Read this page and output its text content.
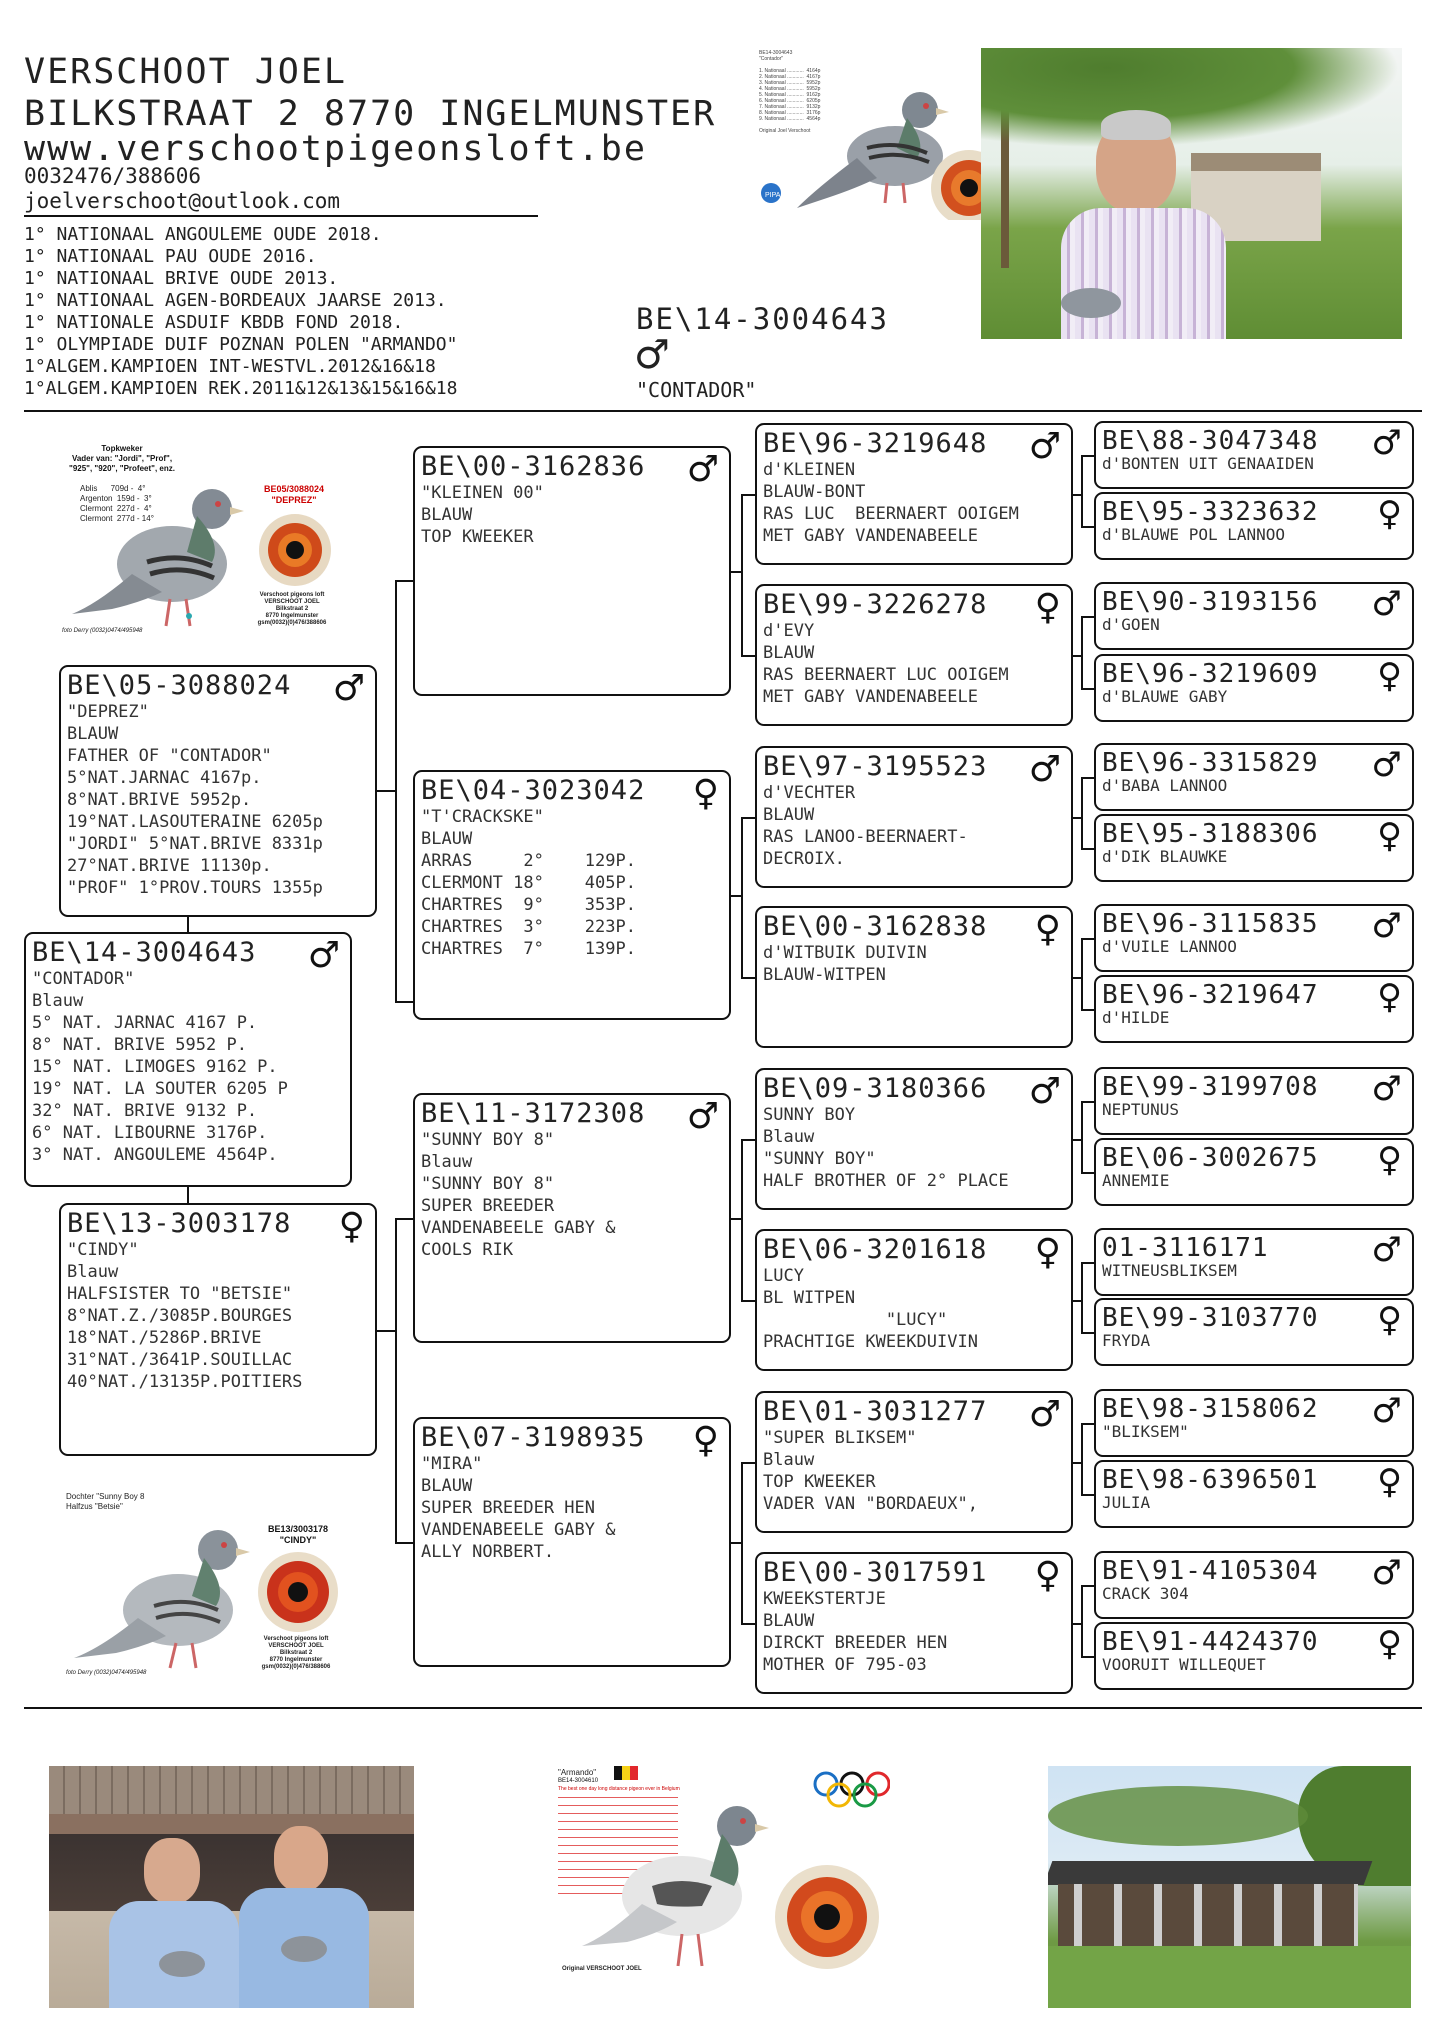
VERSCHOOT JOEL
BILKSTRAAT 2 8770 INGELMUNSTER
www.verschootpigeonsloft.be
0032476/388606
joelverschoot@outlook.com
1° NATIONAAL ANGOULEME OUDE 2018.
1° NATIONAAL PAU OUDE 2016.
1° NATIONAAL BRIVE OUDE 2013.
1° NATIONAAL AGEN-BORDEAUX JAARSE 2013.
1° NATIONALE ASDUIF KBDB FOND 2018.
1° OLYMPIADE DUIF POZNAN POLEN "ARMANDO"
1°ALGEM.KAMPIOEN INT-WESTVL.2012&16&18
1°ALGEM.KAMPIOEN REK.2011&12&13&15&16&18
BE\14-3004643
♂
"CONTADOR"
BE14-3004643
"Contador"

1. Nationaal ............  4164p
2. Nationaal ............  4167p
3. Nationaal ............  5952p
4. Nationaal ............  5952p
5. Nationaal ............  9162p
6. Nationaal ............  6205p
7. Nationaal ............  9132p
8. Nationaal ............  3176p
9. Nationaal ............  4564p

Original Joel Verschoot
PIPA
Topkweker
Vader van: "Jordi", "Prof",
"925", "920", "Profeet", enz.
Ablis      709d -  4°
Argenton  159d -  3°
Clermont  227d -  4°
Clermont  277d - 14°
BE05/3088024
"DEPREZ"
Verschoot pigeons loft
VERSCHOOT JOEL
Bilkstraat 2
8770 Ingelmunster
gsm(0032)(0)476/388606
foto Derry (0032)0474/495948
Dochter "Sunny Boy 8
Halfzus "Betsie"
BE13/3003178
"CINDY"
Verschoot pigeons loft
VERSCHOOT JOEL
Bilkstraat 2
8770 Ingelmunster
gsm(0032)(0)476/388606
foto Derry (0032)0474/495948
BE\88-3047348	♂
d'BONTEN UIT GENAAIDEN
BE\95-3323632	♀
d'BLAUWE POL LANNOO
BE\90-3193156	♂
d'GOEN
BE\96-3219609	♀
d'BLAUWE GABY
BE\96-3315829	♂
d'BABA LANNOO
BE\95-3188306	♀
d'DIK BLAUWKE
BE\96-3115835	♂
d'VUILE LANNOO
BE\96-3219647	♀
d'HILDE
BE\99-3199708	♂
NEPTUNUS
BE\06-3002675	♀
ANNEMIE
01-3116171	♂
WITNEUSBLIKSEM
BE\99-3103770	♀
FRYDA
BE\98-3158062	♂
"BLIKSEM"
BE\98-6396501	♀
JULIA
BE\91-4105304	♂
CRACK 304
BE\91-4424370	♀
VOORUIT WILLEQUET
BE\96-3219648	♂
d'KLEINEN
BLAUW-BONT
RAS LUC  BEERNAERT OOIGEM
MET GABY VANDENABEELE
BE\99-3226278	♀
d'EVY
BLAUW
RAS BEERNAERT LUC OOIGEM
MET GABY VANDENABEELE
BE\97-3195523	♂
d'VECHTER
BLAUW
RAS LANOO-BEERNAERT-
DECROIX.
BE\00-3162838	♀
d'WITBUIK DUIVIN
BLAUW-WITPEN
BE\09-3180366	♂
SUNNY BOY
Blauw
"SUNNY BOY"
HALF BROTHER OF 2° PLACE
BE\06-3201618	♀
LUCY
BL WITPEN
"LUCY"
PRACHTIGE KWEEKDUIVIN
BE\01-3031277	♂
"SUPER BLIKSEM"
Blauw
TOP KWEEKER
VADER VAN "BORDAEUX",
BE\00-3017591	♀
KWEEKSTERTJE
BLAUW
DIRCKT BREEDER HEN
MOTHER OF 795-03
BE\00-3162836	♂
"KLEINEN 00"
BLAUW
TOP KWEEKER
BE\04-3023042	♀
"T'CRACKSKE"
BLAUW
ARRAS     2°    129P.
CLERMONT 18°    405P.
CHARTRES  9°    353P.
CHARTRES  3°    223P.
CHARTRES  7°    139P.
BE\11-3172308	♂
"SUNNY BOY 8"
Blauw
"SUNNY BOY 8"
SUPER BREEDER
VANDENABEELE GABY &
COOLS RIK
BE\07-3198935	♀
"MIRA"
BLAUW
SUPER BREEDER HEN
VANDENABEELE GABY &
ALLY NORBERT.
BE\05-3088024	♂
"DEPREZ"
BLAUW
FATHER OF "CONTADOR"
5°NAT.JARNAC 4167p.
8°NAT.BRIVE 5952p.
19°NAT.LASOUTERAINE 6205p
"JORDI" 5°NAT.BRIVE 8331p
27°NAT.BRIVE 11130p.
"PROF" 1°PROV.TOURS 1355p
BE\14-3004643	♂
"CONTADOR"
Blauw
5° NAT. JARNAC 4167 P.
8° NAT. BRIVE 5952 P.
15° NAT. LIMOGES 9162 P.
19° NAT. LA SOUTER 6205 P
32° NAT. BRIVE 9132 P.
6° NAT. LIBOURNE 3176P.
3° NAT. ANGOULEME 4564P.
BE\13-3003178	♀
"CINDY"
Blauw
HALFSISTER TO "BETSIE"
8°NAT.Z./3085P.BOURGES
18°NAT./5286P.BRIVE
31°NAT./3641P.SOUILLAC
40°NAT./13135P.POITIERS
"Armando"
BE14-3004610
The best one day long distance pigeon ever in Belgium
Original VERSCHOOT JOEL
